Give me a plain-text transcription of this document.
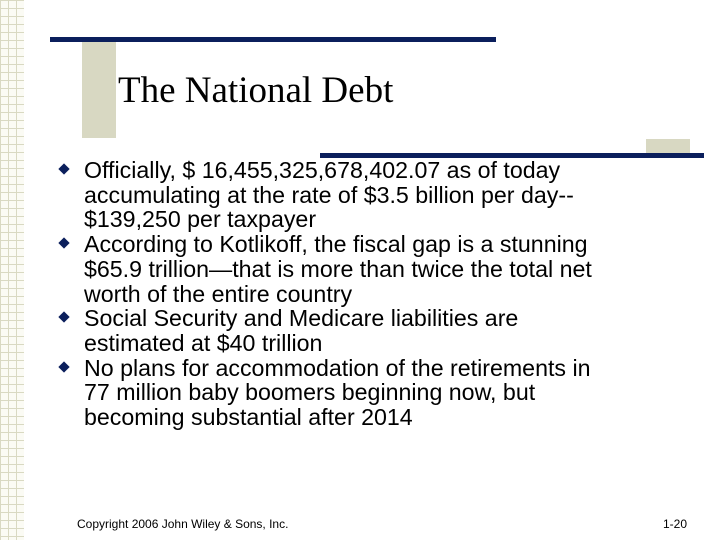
The National Debt
Officially, $ 16,455,325,678,402.07 as of today
accumulating at the rate of $3.5 billion per day--
$139,250 per taxpayer
According to Kotlikoff, the fiscal gap is a stunning
$65.9 trillion—that is more than twice the total net
worth of the entire country
Social Security and Medicare liabilities are
estimated at $40 trillion
No plans for accommodation of the retirements in
77 million baby boomers beginning now, but
becoming substantial after 2014
Copyright 2006 John Wiley & Sons, Inc.	1-20
